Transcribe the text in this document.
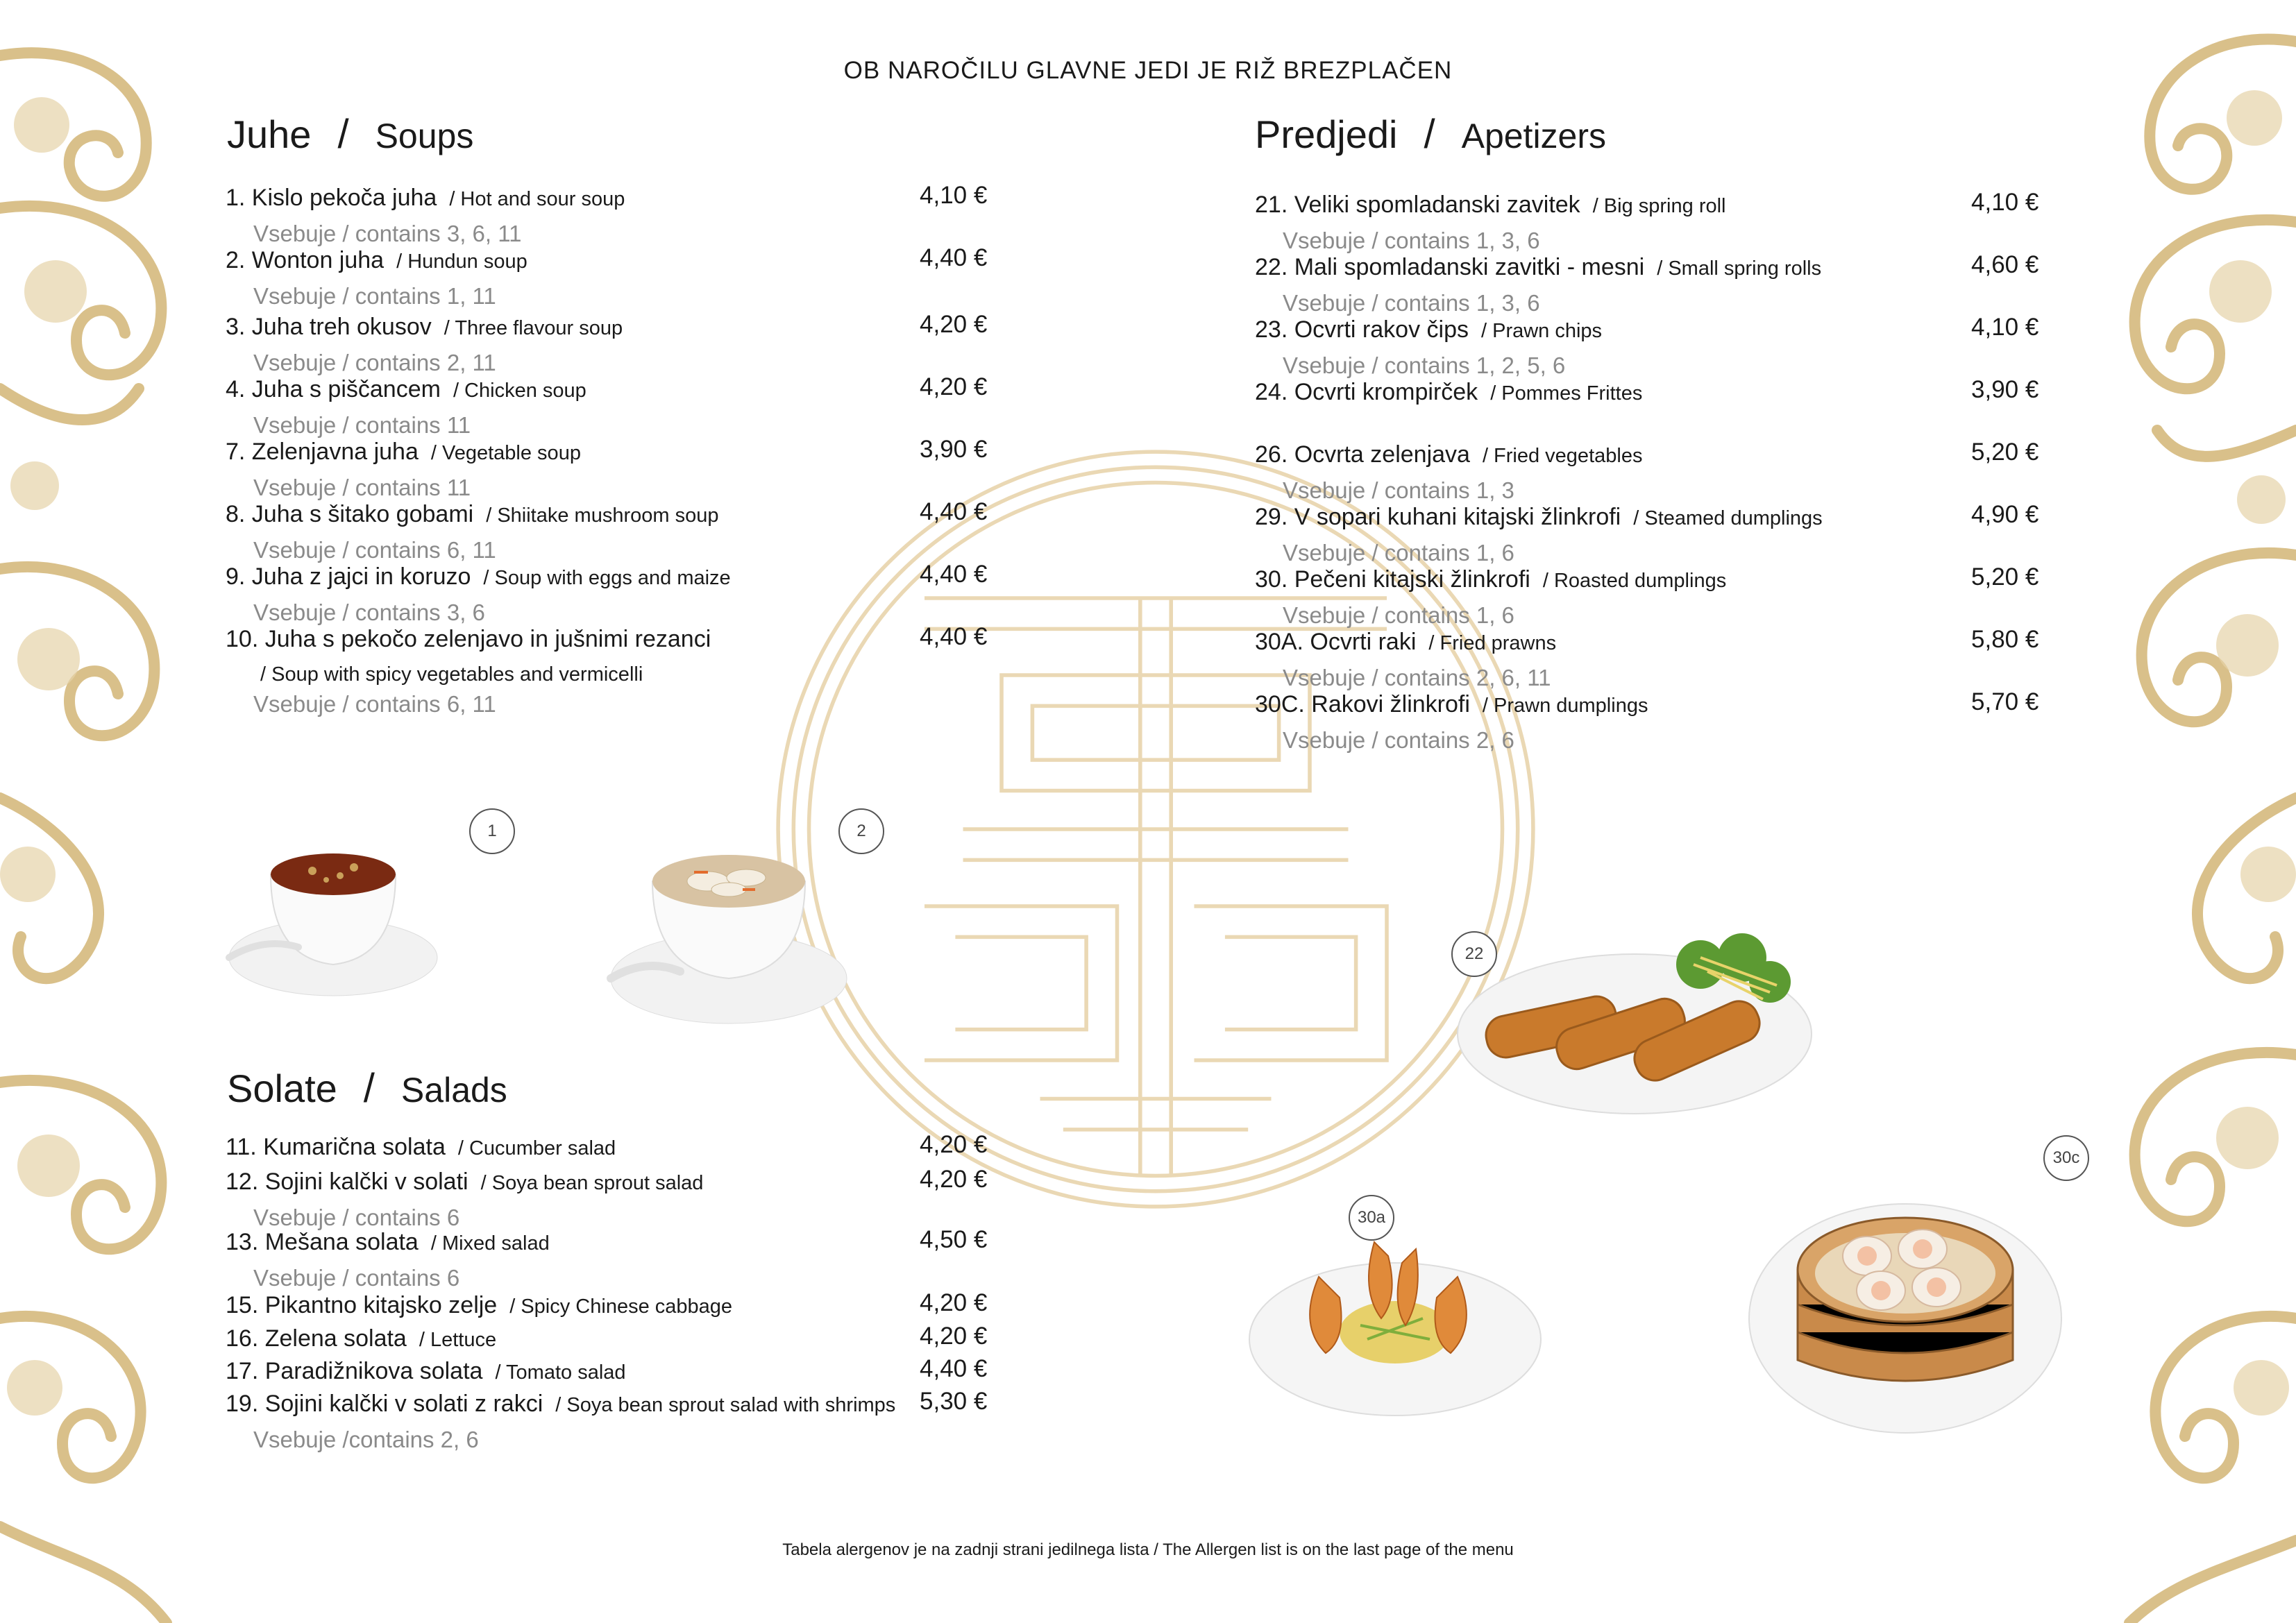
OB NAROČILU GLAVNE JEDI JE RIŽ BREZPLAČEN
Juhe / Soups
1. Kislo pekoča juha / Hot and sour soup	4,10 €
Vsebuje / contains 3, 6, 11
2. Wonton juha / Hundun soup	4,40 €
Vsebuje / contains 1, 11
3. Juha treh okusov / Three flavour soup	4,20 €
Vsebuje / contains 2, 11
4. Juha s piščancem / Chicken soup	4,20 €
Vsebuje / contains 11
7. Zelenjavna juha / Vegetable soup	3,90 €
Vsebuje / contains 11
8. Juha s šitako gobami / Shiitake mushroom soup	4,40 €
Vsebuje / contains 6, 11
9. Juha z jajci in koruzo / Soup with eggs and maize	4,40 €
Vsebuje / contains 3, 6
10. Juha s pekočo zelenjavo in jušnimi rezanci	4,40 €
/ Soup with spicy vegetables and vermicelli
Vsebuje / contains 6, 11
Predjedi / Apetizers
21. Veliki spomladanski zavitek / Big spring roll	4,10 €
Vsebuje / contains 1, 3, 6
22. Mali spomladanski zavitki - mesni / Small spring rolls	4,60 €
Vsebuje / contains 1, 3, 6
23. Ocvrti rakov čips / Prawn chips	4,10 €
Vsebuje / contains 1, 2, 5, 6
24. Ocvrti krompirček / Pommes Frittes	3,90 €
26. Ocvrta zelenjava / Fried vegetables	5,20 €
Vsebuje / contains 1, 3
29. V sopari kuhani kitajski žlinkrofi / Steamed dumplings	4,90 €
Vsebuje / contains 1, 6
30. Pečeni kitajski žlinkrofi / Roasted dumplings	5,20 €
Vsebuje / contains 1, 6
30A. Ocvrti raki / Fried prawns	5,80 €
Vsebuje / contains 2, 6, 11
30C. Rakovi žlinkrofi / Prawn dumplings	5,70 €
Vsebuje / contains 2, 6
Solate / Salads
11. Kumarična solata / Cucumber salad	4,20 €
12. Sojini kalčki v solati / Soya bean sprout salad	4,20 €
Vsebuje / contains 6
13. Mešana solata / Mixed salad	4,50 €
Vsebuje / contains 6
15. Pikantno kitajsko zelje / Spicy Chinese cabbage	4,20 €
16. Zelena solata / Lettuce	4,20 €
17. Paradižnikova solata / Tomato salad	4,40 €
19. Sojini kalčki v solati z rakci / Soya bean sprout salad with shrimps 5,30 €
Vsebuje /contains 2, 6
1	2
22
30a
30c
Tabela alergenov je na zadnji strani jedilnega lista / The Allergen list is on the last page of the menu
